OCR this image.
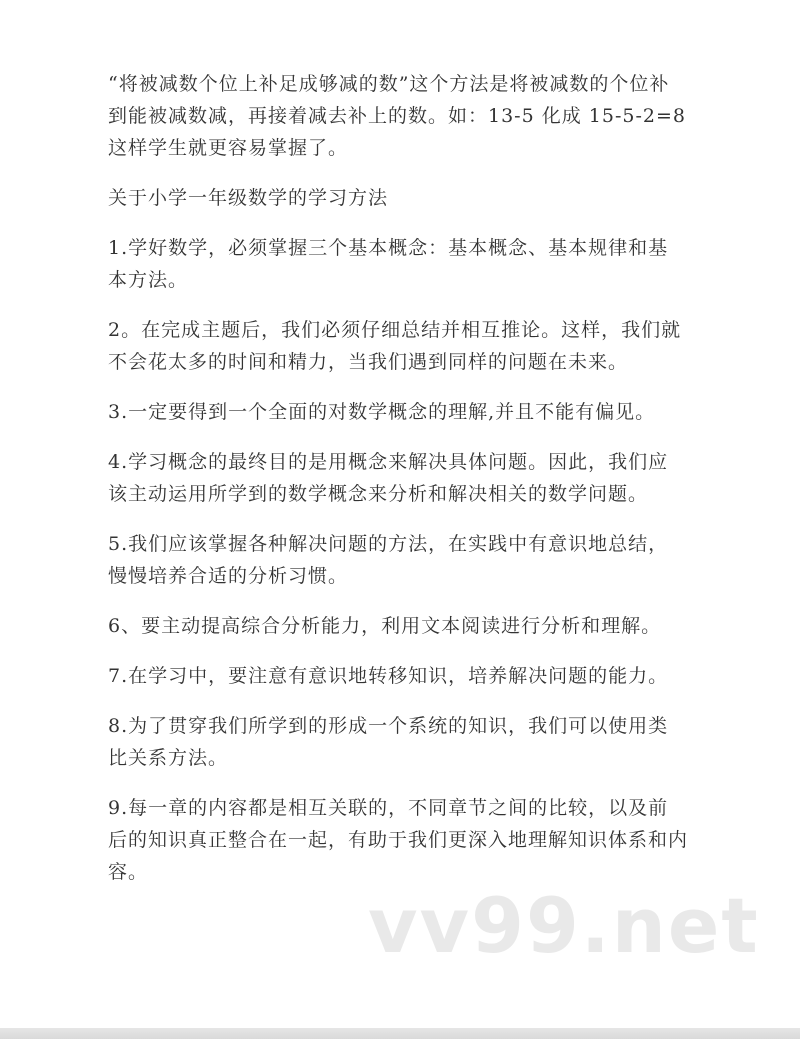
“将被减数个位上补足成够减的数”这个方法是将被减数的个位补到能被减数减，再接着减去补上的数。如：13-5 化成 15-5-2=8 这样学生就更容易掌握了。

关于小学一年级数学的学习方法

1.学好数学，必须掌握三个基本概念：基本概念、基本规律和基本方法。

2。在完成主题后，我们必须仔细总结并相互推论。这样，我们就不会花太多的时间和精力，当我们遇到同样的问题在未来。

3.一定要得到一个全面的对数学概念的理解,并且不能有偏见。

4.学习概念的最终目的是用概念来解决具体问题。因此，我们应该主动运用所学到的数学概念来分析和解决相关的数学问题。

5.我们应该掌握各种解决问题的方法，在实践中有意识地总结，慢慢培养合适的分析习惯。

6、要主动提高综合分析能力，利用文本阅读进行分析和理解。

7.在学习中，要注意有意识地转移知识，培养解决问题的能力。

8.为了贯穿我们所学到的形成一个系统的知识，我们可以使用类比关系方法。

9.每一章的内容都是相互关联的，不同章节之间的比较，以及前后的知识真正整合在一起，有助于我们更深入地理解知识体系和内容。

vv99.net
